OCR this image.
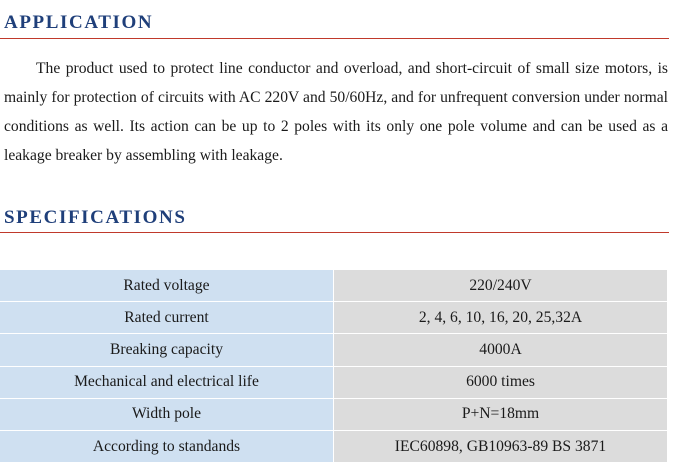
APPLICATION

The product used to protect line conductor and overload, and short-circuit of small size motors, is mainly for protection of circuits with AC 220V and 50/60Hz, and for unfrequent conversion under normal conditions as well. Its action can be up to 2 poles with its only one pole volume and can be used as a leakage breaker by assembling with leakage.

SPECIFICATIONS
Rated voltage	220/240V
Rated current	2, 4, 6, 10, 16, 20, 25,32A
Breaking capacity	4000A
Mechanical and electrical life	6000 times
Width pole	P+N=18mm
According to standands	IEC60898, GB10963-89 BS 3871
